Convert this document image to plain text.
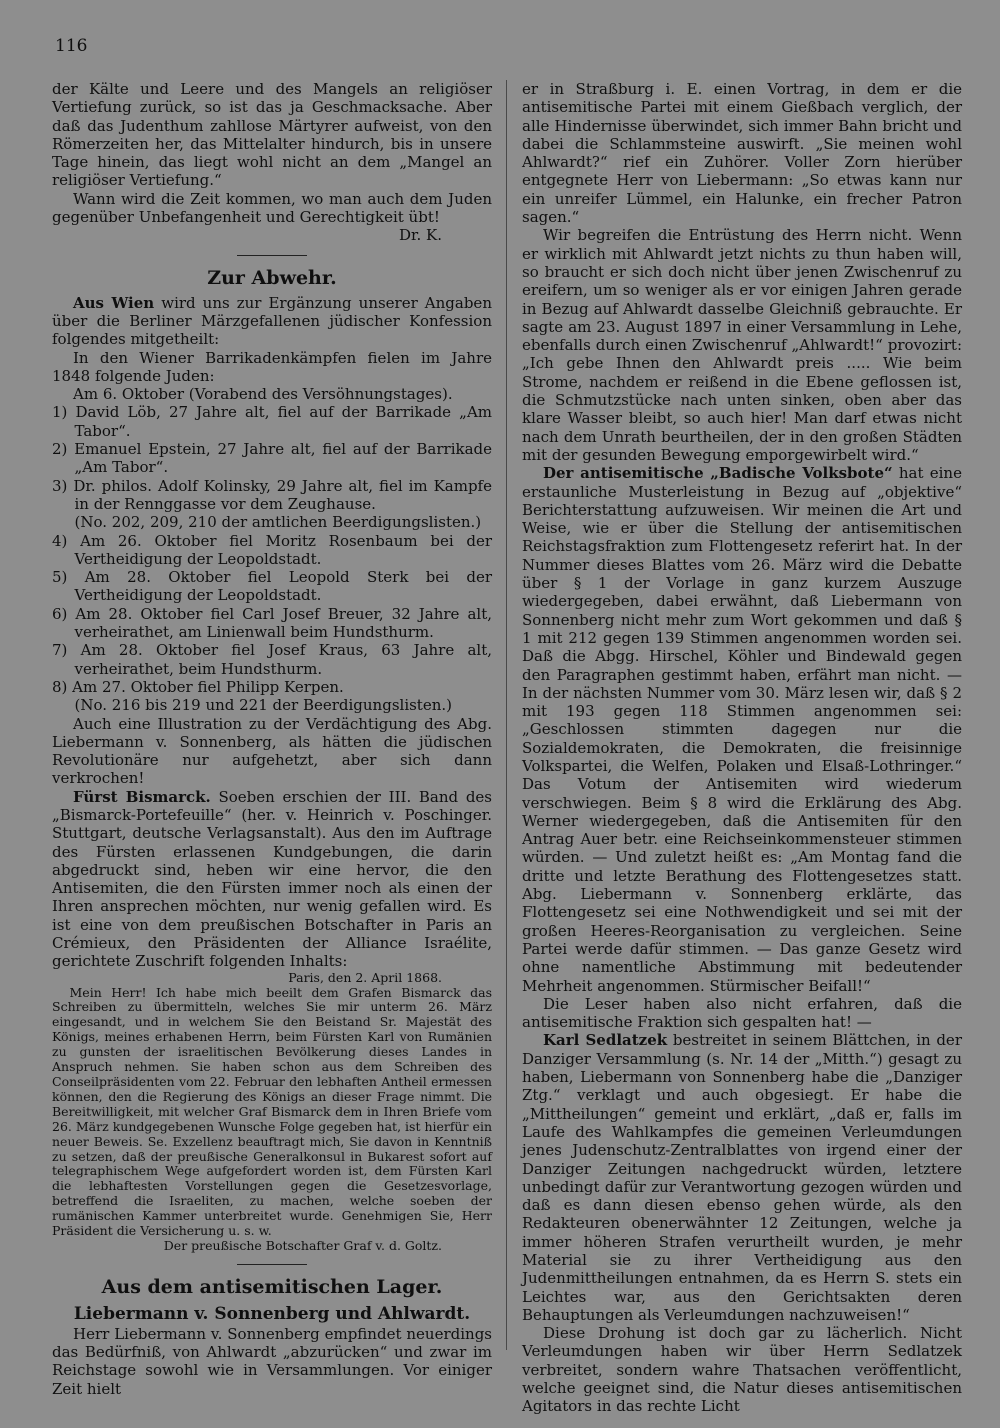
116

der Kälte und Leere und des Mangels an religiöser Vertiefung zurück, so ist das ja Geschmacksache. Aber daß das Judenthum zahllose Märtyrer aufweist, von den Römerzeiten her, das Mittelalter hindurch, bis in unsere Tage hinein, das liegt wohl nicht an dem „Mangel an religiöser Vertiefung.“

Wann wird die Zeit kommen, wo man auch dem Juden gegenüber Unbefangenheit und Gerechtigkeit übt!

Dr. K.

Zur Abwehr.

Aus Wien wird uns zur Ergänzung unserer Angaben über die Berliner Märzgefallenen jüdischer Konfession folgendes mitgetheilt:

In den Wiener Barrikadenkämpfen fielen im Jahre 1848 folgende Juden:

Am 6. Oktober (Vorabend des Versöhnungstages).

1) David Löb, 27 Jahre alt, fiel auf der Barrikade „Am Tabor“.

2) Emanuel Epstein, 27 Jahre alt, fiel auf der Barrikade „Am Tabor“.

3) Dr. philos. Adolf Kolinsky, 29 Jahre alt, fiel im Kampfe in der Rennggasse vor dem Zeughause.

(No. 202, 209, 210 der amtlichen Beerdigungslisten.)

4) Am 26. Oktober fiel Moritz Rosenbaum bei der Vertheidigung der Leopoldstadt.

5) Am 28. Oktober fiel Leopold Sterk bei der Vertheidigung der Leopoldstadt.

6) Am 28. Oktober fiel Carl Josef Breuer, 32 Jahre alt, verheirathet, am Linienwall beim Hundsthurm.

7) Am 28. Oktober fiel Josef Kraus, 63 Jahre alt, verheirathet, beim Hundsthurm.

8) Am 27. Oktober fiel Philipp Kerpen.

(No. 216 bis 219 und 221 der Beerdigungslisten.)

Auch eine Illustration zu der Verdächtigung des Abg. Liebermann v. Sonnenberg, als hätten die jüdischen Revolutionäre nur aufgehetzt, aber sich dann verkrochen!

Fürst Bismarck. Soeben erschien der III. Band des „Bismarck-Portefeuille“ (her. v. Heinrich v. Poschinger. Stuttgart, deutsche Verlagsanstalt). Aus den im Auftrage des Fürsten erlassenen Kundgebungen, die darin abgedruckt sind, heben wir eine hervor, die den Antisemiten, die den Fürsten immer noch als einen der Ihren ansprechen möchten, nur wenig gefallen wird. Es ist eine von dem preußischen Botschafter in Paris an Crémieux, den Präsidenten der Alliance Israélite, gerichtete Zuschrift folgenden Inhalts:

Paris, den 2. April 1868.

Mein Herr! Ich habe mich beeilt dem Grafen Bismarck das Schreiben zu übermitteln, welches Sie mir unterm 26. März eingesandt, und in welchem Sie den Beistand Sr. Majestät des Königs, meines erhabenen Herrn, beim Fürsten Karl von Rumänien zu gunsten der israelitischen Bevölkerung dieses Landes in Anspruch nehmen. Sie haben schon aus dem Schreiben des Conseilpräsidenten vom 22. Februar den lebhaften Antheil ermessen können, den die Regierung des Königs an dieser Frage nimmt. Die Bereitwilligkeit, mit welcher Graf Bismarck dem in Ihren Briefe vom 26. März kundgegebenen Wunsche Folge gegeben hat, ist hierfür ein neuer Beweis. Se. Exzellenz beauftragt mich, Sie davon in Kenntniß zu setzen, daß der preußische Generalkonsul in Bukarest sofort auf telegraphischem Wege aufgefordert worden ist, dem Fürsten Karl die lebhaftesten Vorstellungen gegen die Gesetzesvorlage, betreffend die Israeliten, zu machen, welche soeben der rumänischen Kammer unterbreitet wurde. Genehmigen Sie, Herr Präsident die Versicherung u. s. w.

Der preußische Botschafter Graf v. d. Goltz.

Aus dem antisemitischen Lager.
Liebermann v. Sonnenberg und Ahlwardt.

Herr Liebermann v. Sonnenberg empfindet neuerdings das Bedürfniß, von Ahlwardt „abzurücken“ und zwar im Reichstage sowohl wie in Versammlungen. Vor einiger Zeit hielt

er in Straßburg i. E. einen Vortrag, in dem er die antisemitische Partei mit einem Gießbach verglich, der alle Hindernisse überwindet, sich immer Bahn bricht und dabei die Schlammsteine auswirft. „Sie meinen wohl Ahlwardt?“ rief ein Zuhörer. Voller Zorn hierüber entgegnete Herr von Liebermann: „So etwas kann nur ein unreifer Lümmel, ein Halunke, ein frecher Patron sagen.“

Wir begreifen die Entrüstung des Herrn nicht. Wenn er wirklich mit Ahlwardt jetzt nichts zu thun haben will, so braucht er sich doch nicht über jenen Zwischenruf zu ereifern, um so weniger als er vor einigen Jahren gerade in Bezug auf Ahlwardt dasselbe Gleichniß gebrauchte. Er sagte am 23. August 1897 in einer Versammlung in Lehe, ebenfalls durch einen Zwischenruf „Ahlwardt!“ provozirt: „Ich gebe Ihnen den Ahlwardt preis ..... Wie beim Strome, nachdem er reißend in die Ebene geflossen ist, die Schmutzstücke nach unten sinken, oben aber das klare Wasser bleibt, so auch hier! Man darf etwas nicht nach dem Unrath beurtheilen, der in den großen Städten mit der gesunden Bewegung emporgewirbelt wird.“

Der antisemitische „Badische Volksbote“ hat eine erstaunliche Musterleistung in Bezug auf „objektive“ Berichterstattung aufzuweisen. Wir meinen die Art und Weise, wie er über die Stellung der antisemitischen Reichstagsfraktion zum Flottengesetz referirt hat. In der Nummer dieses Blattes vom 26. März wird die Debatte über § 1 der Vorlage in ganz kurzem Auszuge wiedergegeben, dabei erwähnt, daß Liebermann von Sonnenberg nicht mehr zum Wort gekommen und daß § 1 mit 212 gegen 139 Stimmen angenommen worden sei. Daß die Abgg. Hirschel, Köhler und Bindewald gegen den Paragraphen gestimmt haben, erfährt man nicht. — In der nächsten Nummer vom 30. März lesen wir, daß § 2 mit 193 gegen 118 Stimmen angenommen sei: „Geschlossen stimmten dagegen nur die Sozialdemokraten, die Demokraten, die freisinnige Volkspartei, die Welfen, Polaken und Elsaß-Lothringer.“ Das Votum der Antisemiten wird wiederum verschwiegen. Beim § 8 wird die Erklärung des Abg. Werner wiedergegeben, daß die Antisemiten für den Antrag Auer betr. eine Reichseinkommensteuer stimmen würden. — Und zuletzt heißt es: „Am Montag fand die dritte und letzte Berathung des Flottengesetzes statt. Abg. Liebermann v. Sonnenberg erklärte, das Flottengesetz sei eine Nothwendigkeit und sei mit der großen Heeres-Reorganisation zu vergleichen. Seine Partei werde dafür stimmen. — Das ganze Gesetz wird ohne namentliche Abstimmung mit bedeutender Mehrheit angenommen. Stürmischer Beifall!“

Die Leser haben also nicht erfahren, daß die antisemitische Fraktion sich gespalten hat! —

Karl Sedlatzek bestreitet in seinem Blättchen, in der Danziger Versammlung (s. Nr. 14 der „Mitth.“) gesagt zu haben, Liebermann von Sonnenberg habe die „Danziger Ztg.“ verklagt und auch obgesiegt. Er habe die „Mittheilungen“ gemeint und erklärt, „daß er, falls im Laufe des Wahlkampfes die gemeinen Verleumdungen jenes Judenschutz-Zentralblattes von irgend einer der Danziger Zeitungen nachgedruckt würden, letztere unbedingt dafür zur Verantwortung gezogen würden und daß es dann diesen ebenso gehen würde, als den Redakteuren obenerwähnter 12 Zeitungen, welche ja immer höheren Strafen verurtheilt wurden, je mehr Material sie zu ihrer Vertheidigung aus den Judenmittheilungen entnahmen, da es Herrn S. stets ein Leichtes war, aus den Gerichtsakten deren Behauptungen als Verleumdungen nachzuweisen!“

Diese Drohung ist doch gar zu lächerlich. Nicht Verleumdungen haben wir über Herrn Sedlatzek verbreitet, sondern wahre Thatsachen veröffentlicht, welche geeignet sind, die Natur dieses antisemitischen Agitators in das rechte Licht
